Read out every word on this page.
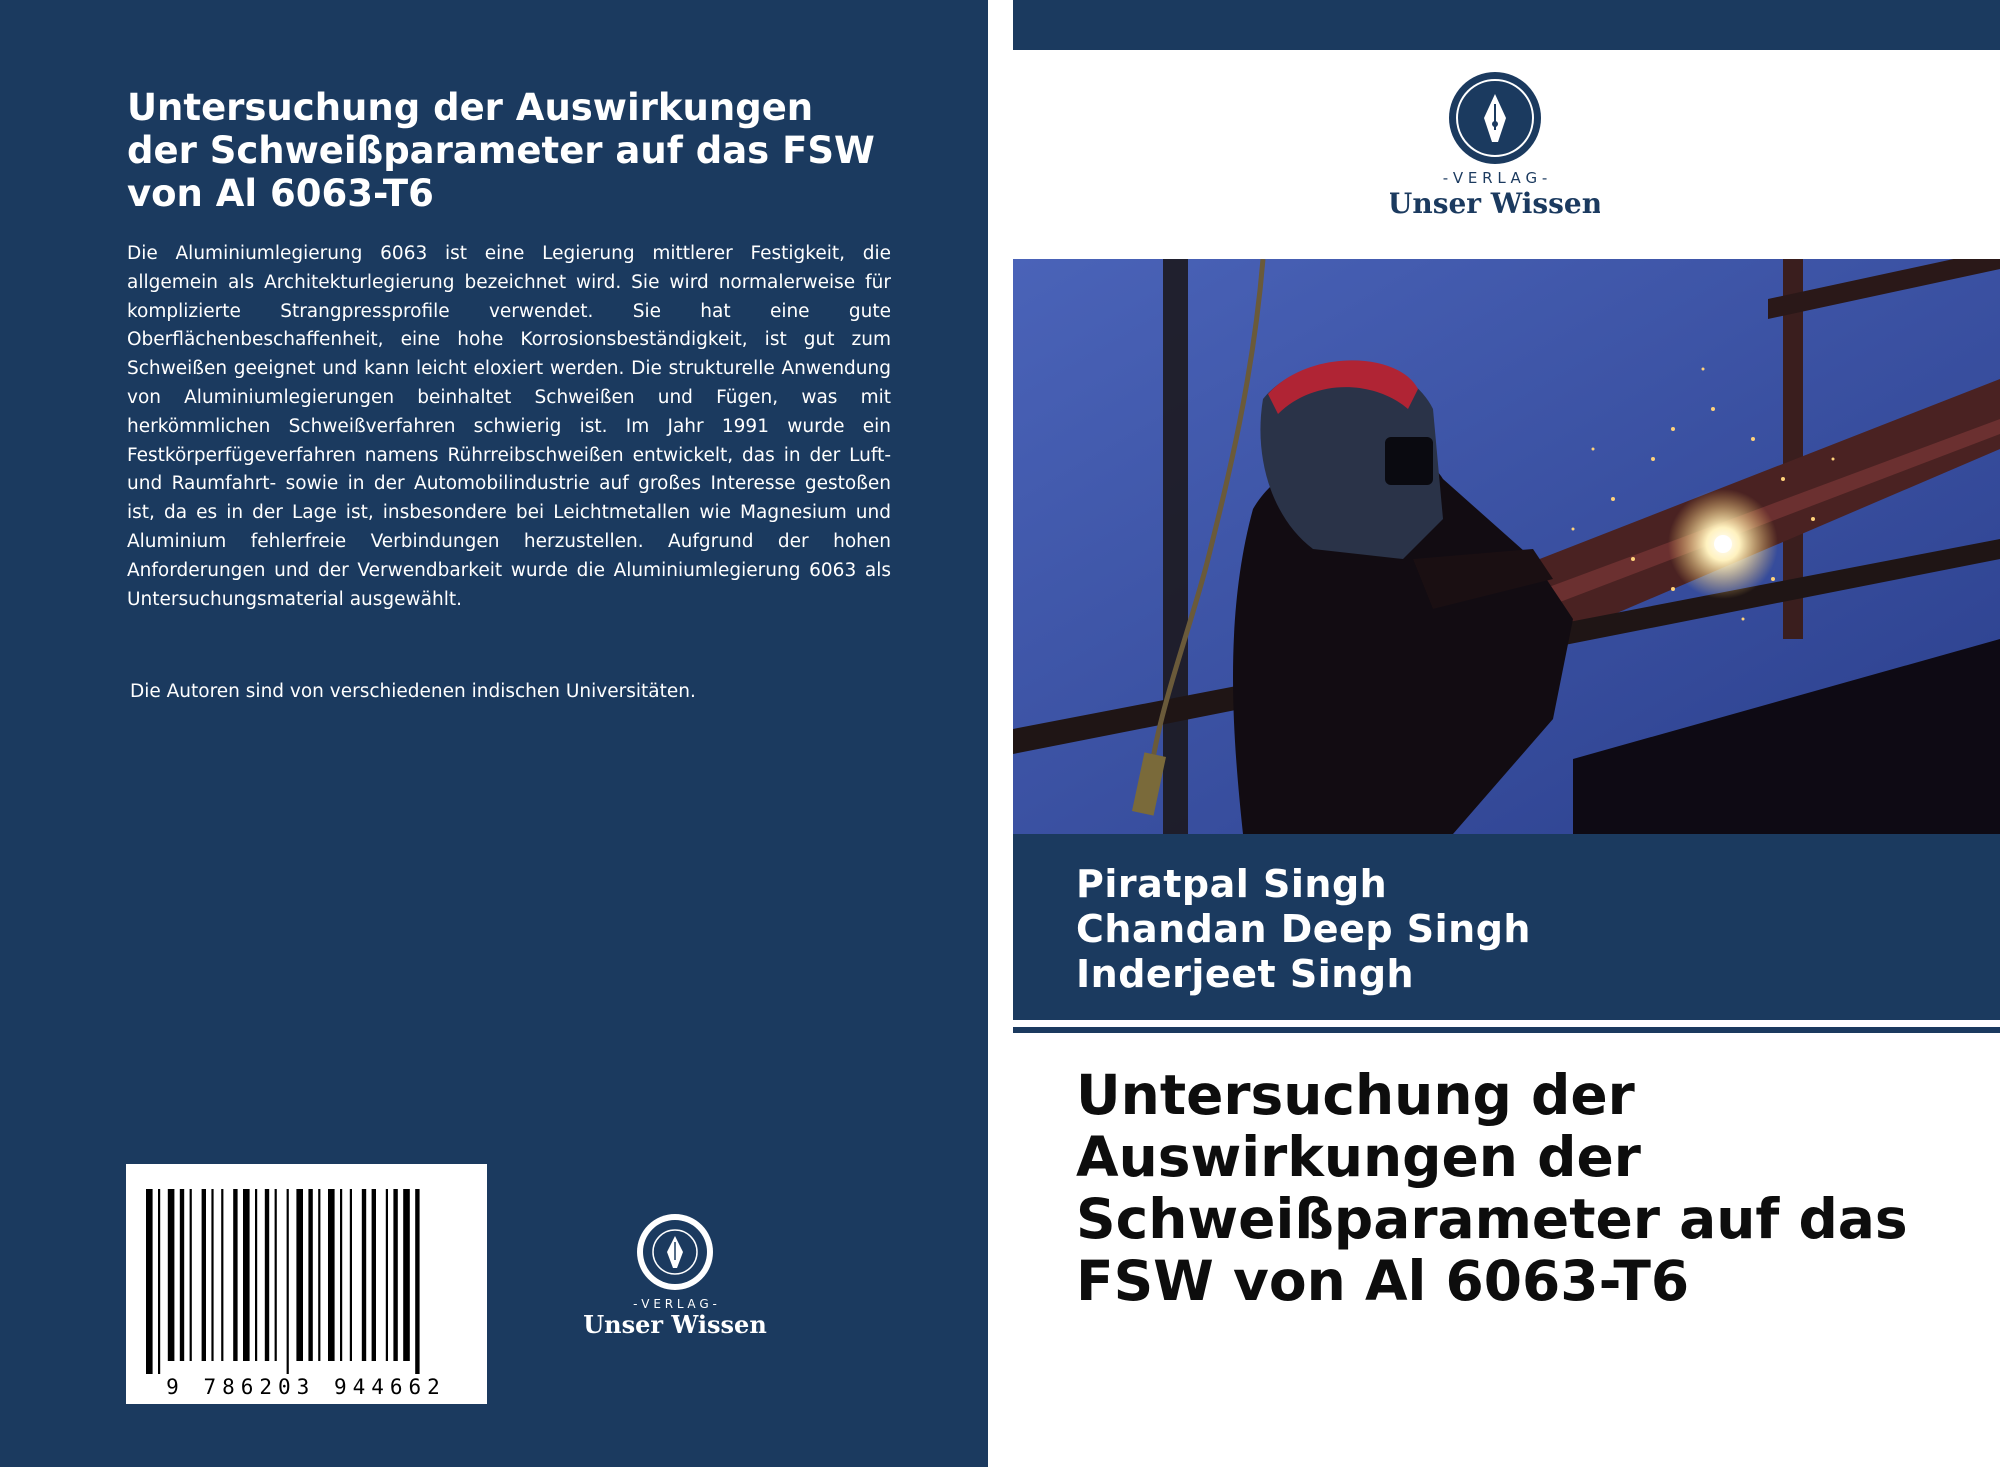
Untersuchung der Auswirkungen der Schweißparameter auf das FSW von Al 6063-T6

Die Aluminiumlegierung 6063 ist eine Legierung mittlerer Festigkeit, die allgemein als Architekturlegierung bezeichnet wird. Sie wird normalerweise für komplizierte Strangpressprofile verwendet. Sie hat eine gute Oberflächenbeschaffenheit, eine hohe Korrosionsbeständigkeit, ist gut zum Schweißen geeignet und kann leicht eloxiert werden. Die strukturelle Anwendung von Aluminiumlegierungen beinhaltet Schweißen und Fügen, was mit herkömmlichen Schweißverfahren schwierig ist. Im Jahr 1991 wurde ein Festkörperfügeverfahren namens Rührreibschweißen entwickelt, das in der Luft- und Raumfahrt- sowie in der Automobilindustrie auf großes Interesse gestoßen ist, da es in der Lage ist, insbesondere bei Leichtmetallen wie Magnesium und Aluminium fehlerfreie Verbindungen herzustellen. Aufgrund der hohen Anforderungen und der Verwendbarkeit wurde die Aluminiumlegierung 6063 als Untersuchungsmaterial ausgewählt.

Die Autoren sind von verschiedenen indischen Universitäten.

9 786203 944662
- V E R L A G -
Unser Wissen
- V E R L A G -
Unser Wissen
Piratpal Singh
Chandan Deep Singh
Inderjeet Singh
Untersuchung der Auswirkungen der Schweißparameter auf das FSW von Al 6063-T6
